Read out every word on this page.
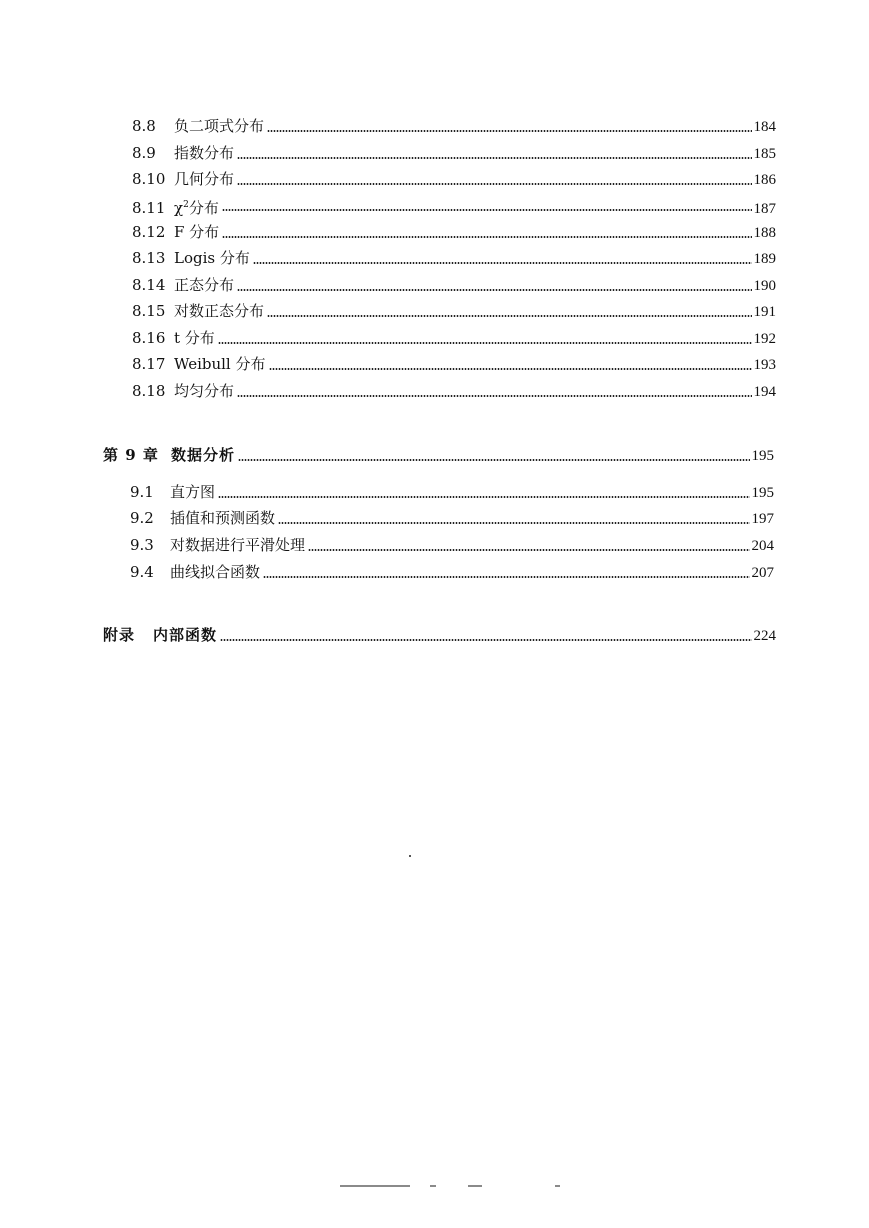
8.8	负二项式分布	184
8.9	指数分布	185
8.10 几何分布	186
8.11 $\chi^2$分布	187
8.12 F 分布	188
8.13 Logis 分布	189
8.14 正态分布	190
8.15 对数正态分布	191
8.16 t 分布	192
8.17 Weibull 分布	193
8.18 均匀分布	194
第 9 章 数据分析	195
9.1	直方图	195
9.2	插值和预测函数	197
9.3	对数据进行平滑处理	204
9.4	曲线拟合函数	207
附录	内部函数	224
